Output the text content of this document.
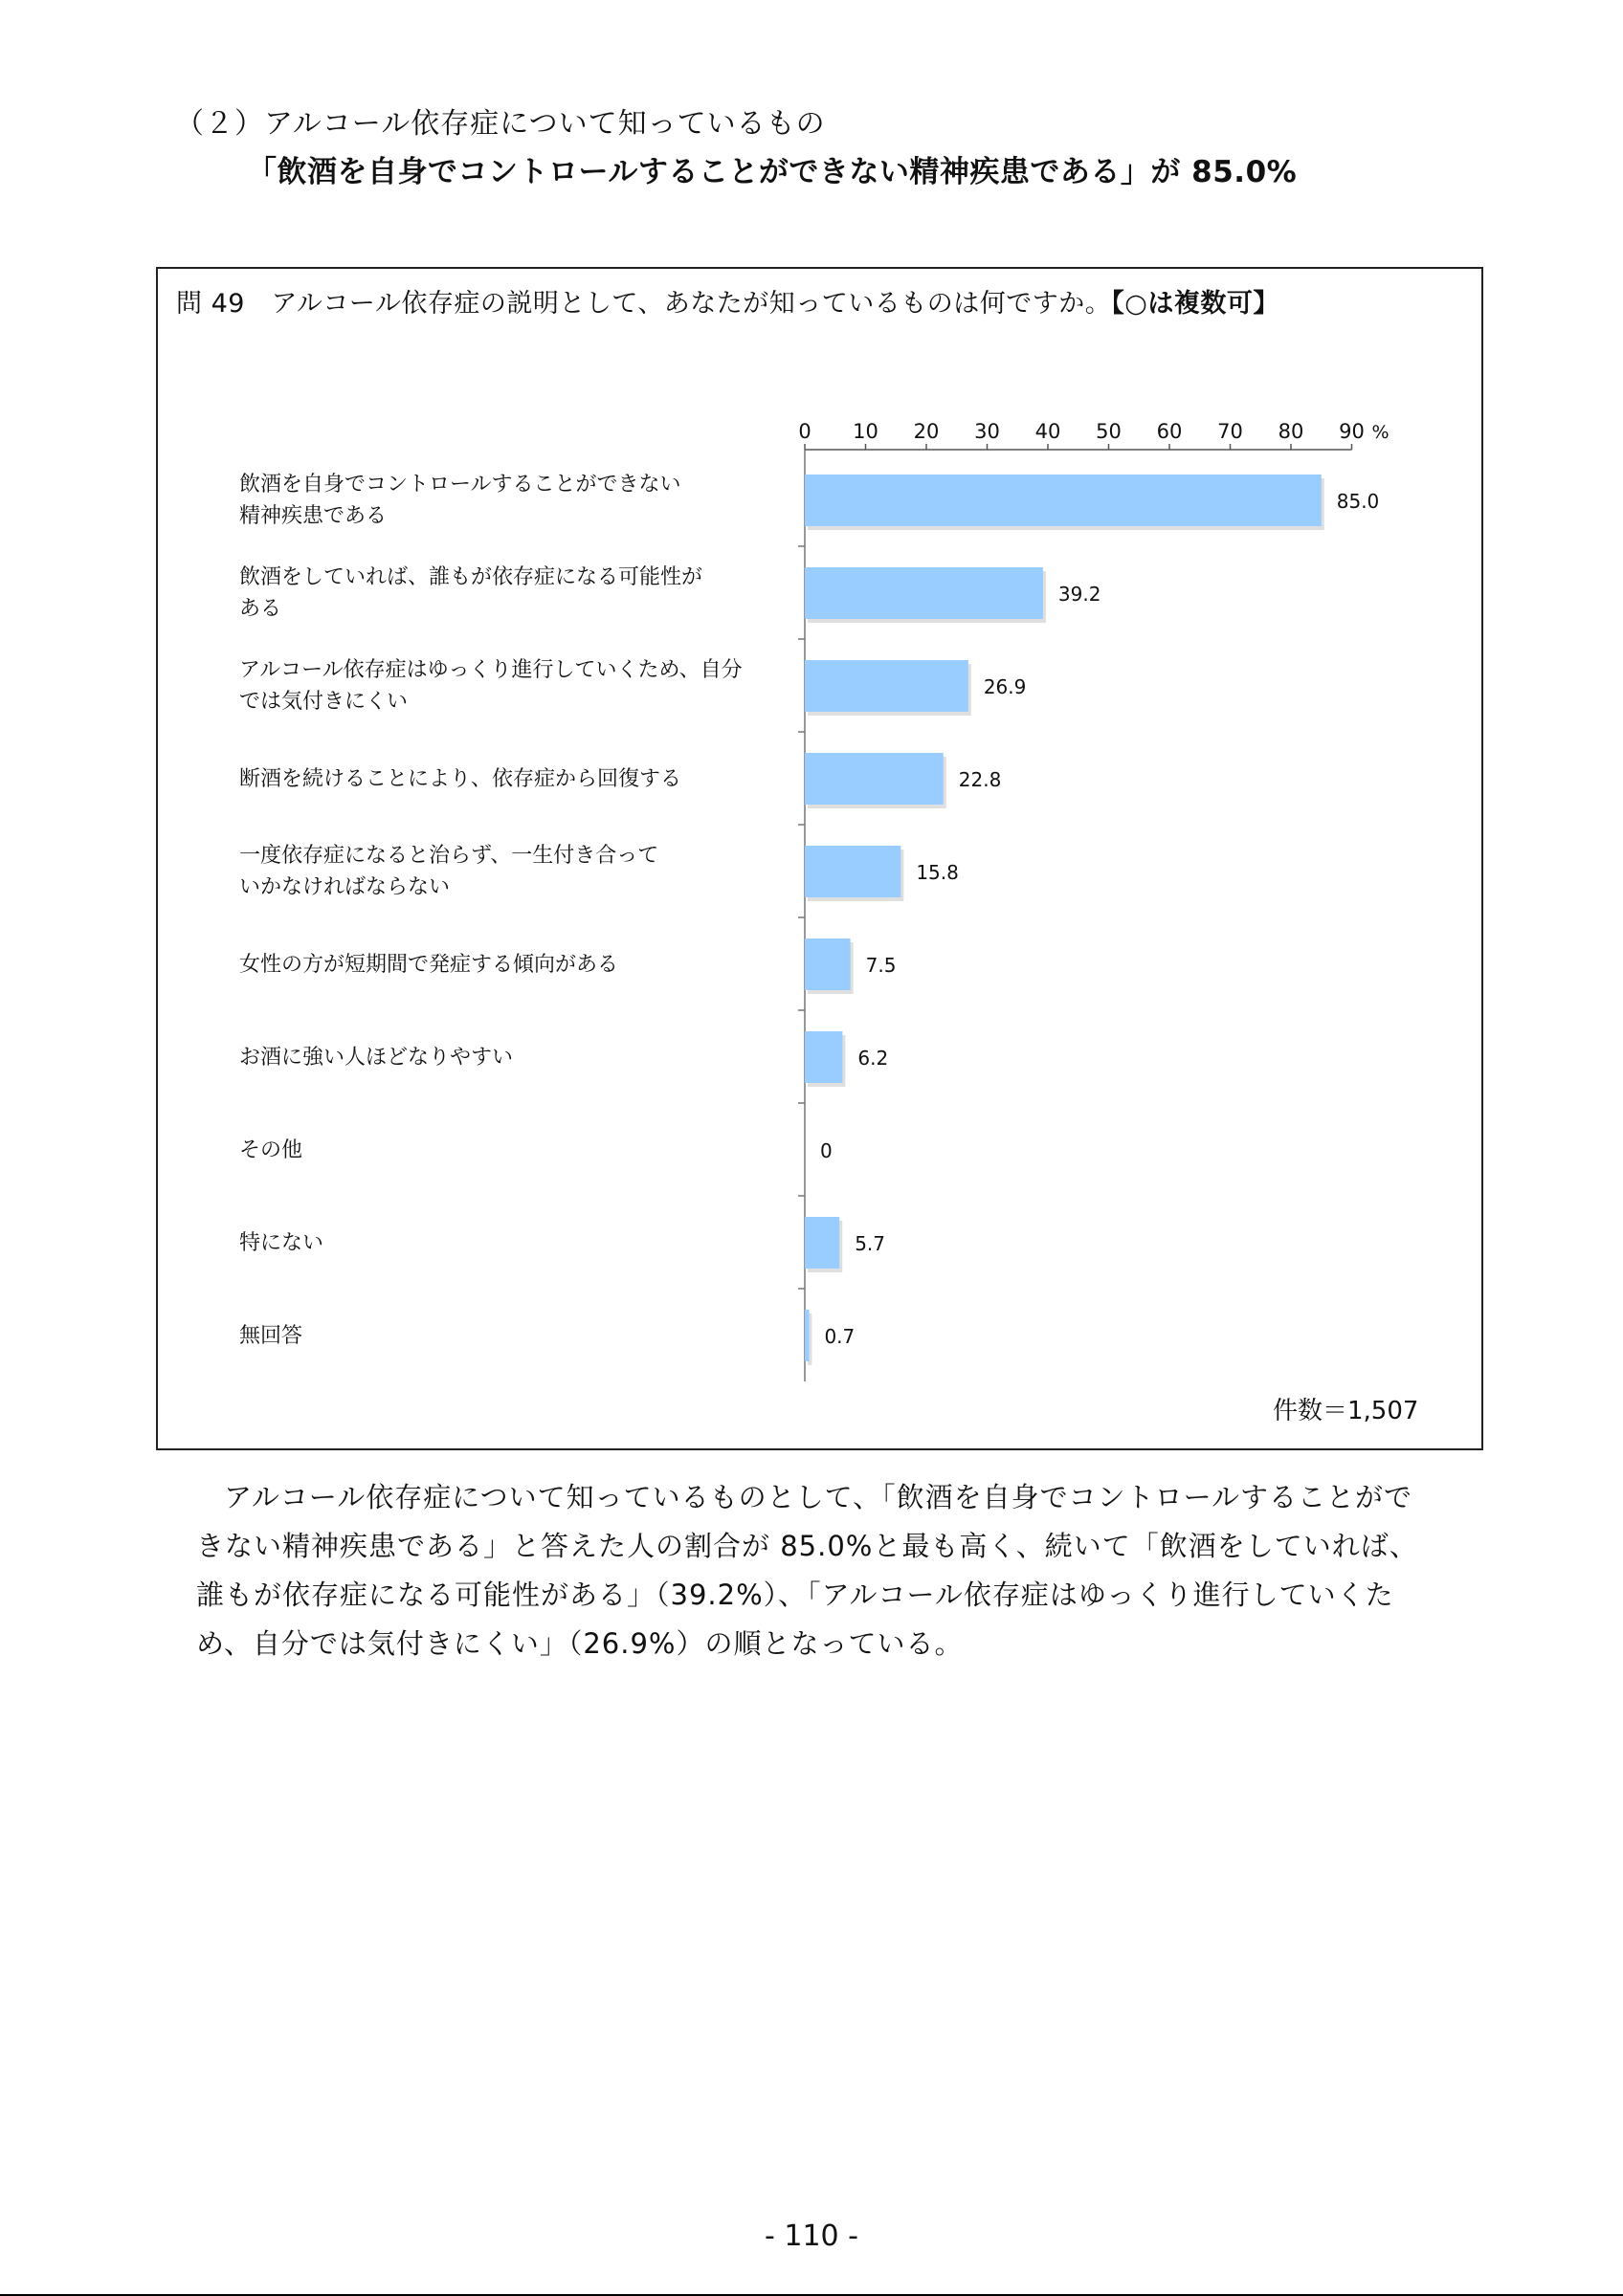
（２）アルコール依存症について知っているもの
「飲酒を自身でコントロールすることができない精神疾患である」が 85.0%
問 49　 アルコール依存症の説明として、あなたが知っているものは何ですか。【○は複数可】
飲酒を自身でコントロールすることができない
精神疾患である
飲酒をしていれば、誰もが依存症になる可能性が
ある
アルコール依存症はゆっくり進行していくため、自分
では気付きにくい
断酒を続けることにより、依存症から回復する
一度依存症になると治らず、一生付き合って
いかなければならない
女性の方が短期間で発症する傾向がある
お酒に強い人ほどなりやすい
その他
特にない
無回答
0 10 20 30 40 50 60 70 80 90 %
85.0
39.2
26.9
22.8
15.8
7.5
6.2
0
5.7
0.7
件数＝1,507

アルコール依存症について知っているものとして、「飲酒を自身でコントロールすることができない精神疾患である」と答えた人の割合が 85.0%と最も高く、続いて「飲酒をしていれば、誰もが依存症になる可能性がある」（39.2%）、「アルコール依存症はゆっくり進行していくため、自分では気付きにくい」（26.9%）の順となっている。

- 110 -
